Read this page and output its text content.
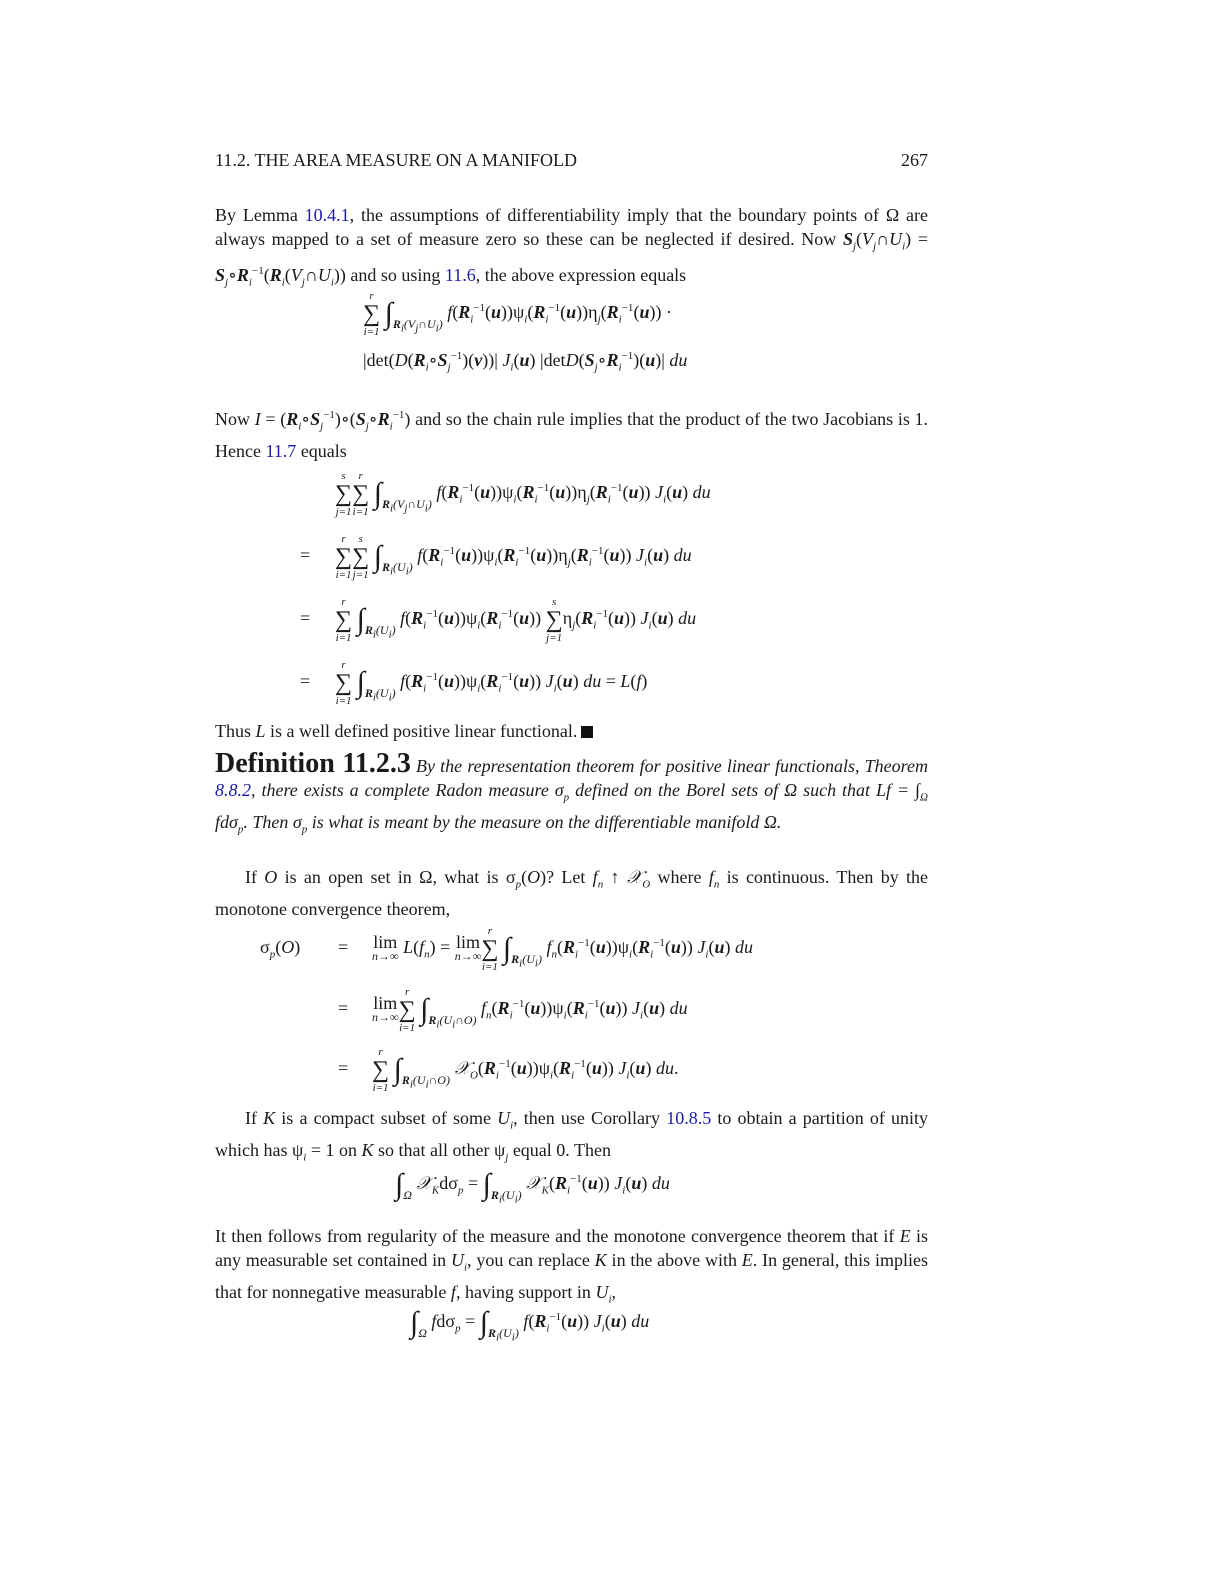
11.2. THE AREA MEASURE ON A MANIFOLD	267
By Lemma 10.4.1, the assumptions of differentiability imply that the boundary points of Ω are always mapped to a set of measure zero so these can be neglected if desired. Now $S_j(V_j\cap U_i)$ = $S_j\circ R_i^{-1}(R_i(V_j\cap U_i))$ and so using 11.6, the above expression equals
r
∑
i=1
$\int_{R_i(V_j\cap U_i)}$ $f(R_i^{-1}(u))\psi_i(R_i^{-1}(u))\eta_j(R_i^{-1}(u))$ ·
$|\det(D(R_i\circ S_j^{-1})(v))|$ $J_i(u)$ $|\det D(S_j\circ R_i^{-1})(u)|$ du
Now $I = (R_i\circ S_j^{-1})\circ(S_j\circ R_i^{-1})$ and so the chain rule implies that the product of the two Jacobians is 1. Hence 11.7 equals
s
∑
j=1
r
∑
i=1
$\int_{R_i(V_j\cap U_i)}$ $f(R_i^{-1}(u))\psi_i(R_i^{-1}(u))\eta_j(R_i^{-1}(u))$ $J_i(u)$ du
=
r
∑
i=1
s
∑
j=1
$\int_{R_i(U_i)}$ $f(R_i^{-1}(u))\psi_i(R_i^{-1}(u))\eta_j(R_i^{-1}(u))$ $J_i(u)$ du
=
r
∑
i=1
$\int_{R_i(U_i)}$ $f(R_i^{-1}(u))\psi_i(R_i^{-1}(u))$
s
∑
j=1
$\eta_j(R_i^{-1}(u))$ $J_i(u)$ du
=
r
∑
i=1
$\int_{R_i(U_i)}$ $f(R_i^{-1}(u))\psi_i(R_i^{-1}(u))$ $J_i(u)$ du = L(f)
Thus L is a well defined positive linear functional.
Definition 11.2.3 By the representation theorem for positive linear functionals, Theorem 8.8.2, there exists a complete Radon measure $\sigma_p$ defined on the Borel sets of Ω such that $Lf = \int_\Omega$ fdσ$_p$. Then $\sigma_p$ is what is meant by the measure on the differentiable manifold Ω.
If O is an open set in Ω, what is $\sigma_p(O)$? Let $f_n$ ↑ 𝒳$_O$ where $f_n$ is continuous. Then by the monotone convergence theorem,
$\sigma_p(O) = \lim$
n→∞ $L(f_n) = \lim$
n→∞
r
∑
i=1
$\int_{R_i(U_i)}$ $f_n(R_i^{-1}(u))\psi_i(R_i^{-1}(u))$ $J_i(u)$ du
= lim
n→∞
r
∑
i=1
$\int_{R_i(U_i\cap O)}$ $f_n(R_i^{-1}(u))\psi_i(R_i^{-1}(u))$ $J_i(u)$ du
=
r
∑
i=1
$\int_{R_i(U_i\cap O)}$ $𝒳_O(R_i^{-1}(u))\psi_i(R_i^{-1}(u))$ $J_i(u)$ du.
If K is a compact subset of some $U_i$, then use Corollary 10.8.5 to obtain a partition of unity which has $\psi_i = 1$ on K so that all other $\psi_j$ equal 0. Then
$\int_\Omega$ $𝒳_Kd\sigma_p = \int_{R_i(U_i)}$ $𝒳_K(R_i^{-1}(u))$ $J_i(u)$ du
It then follows from regularity of the measure and the monotone convergence theorem that if E is any measurable set contained in $U_i$, you can replace K in the above with E. In general, this implies that for nonnegative measurable f, having support in $U_i$,
$\int_\Omega$ $fd\sigma_p = \int_{R_i(U_i)}$ $f(R_i^{-1}(u))$ $J_i(u)$ du
